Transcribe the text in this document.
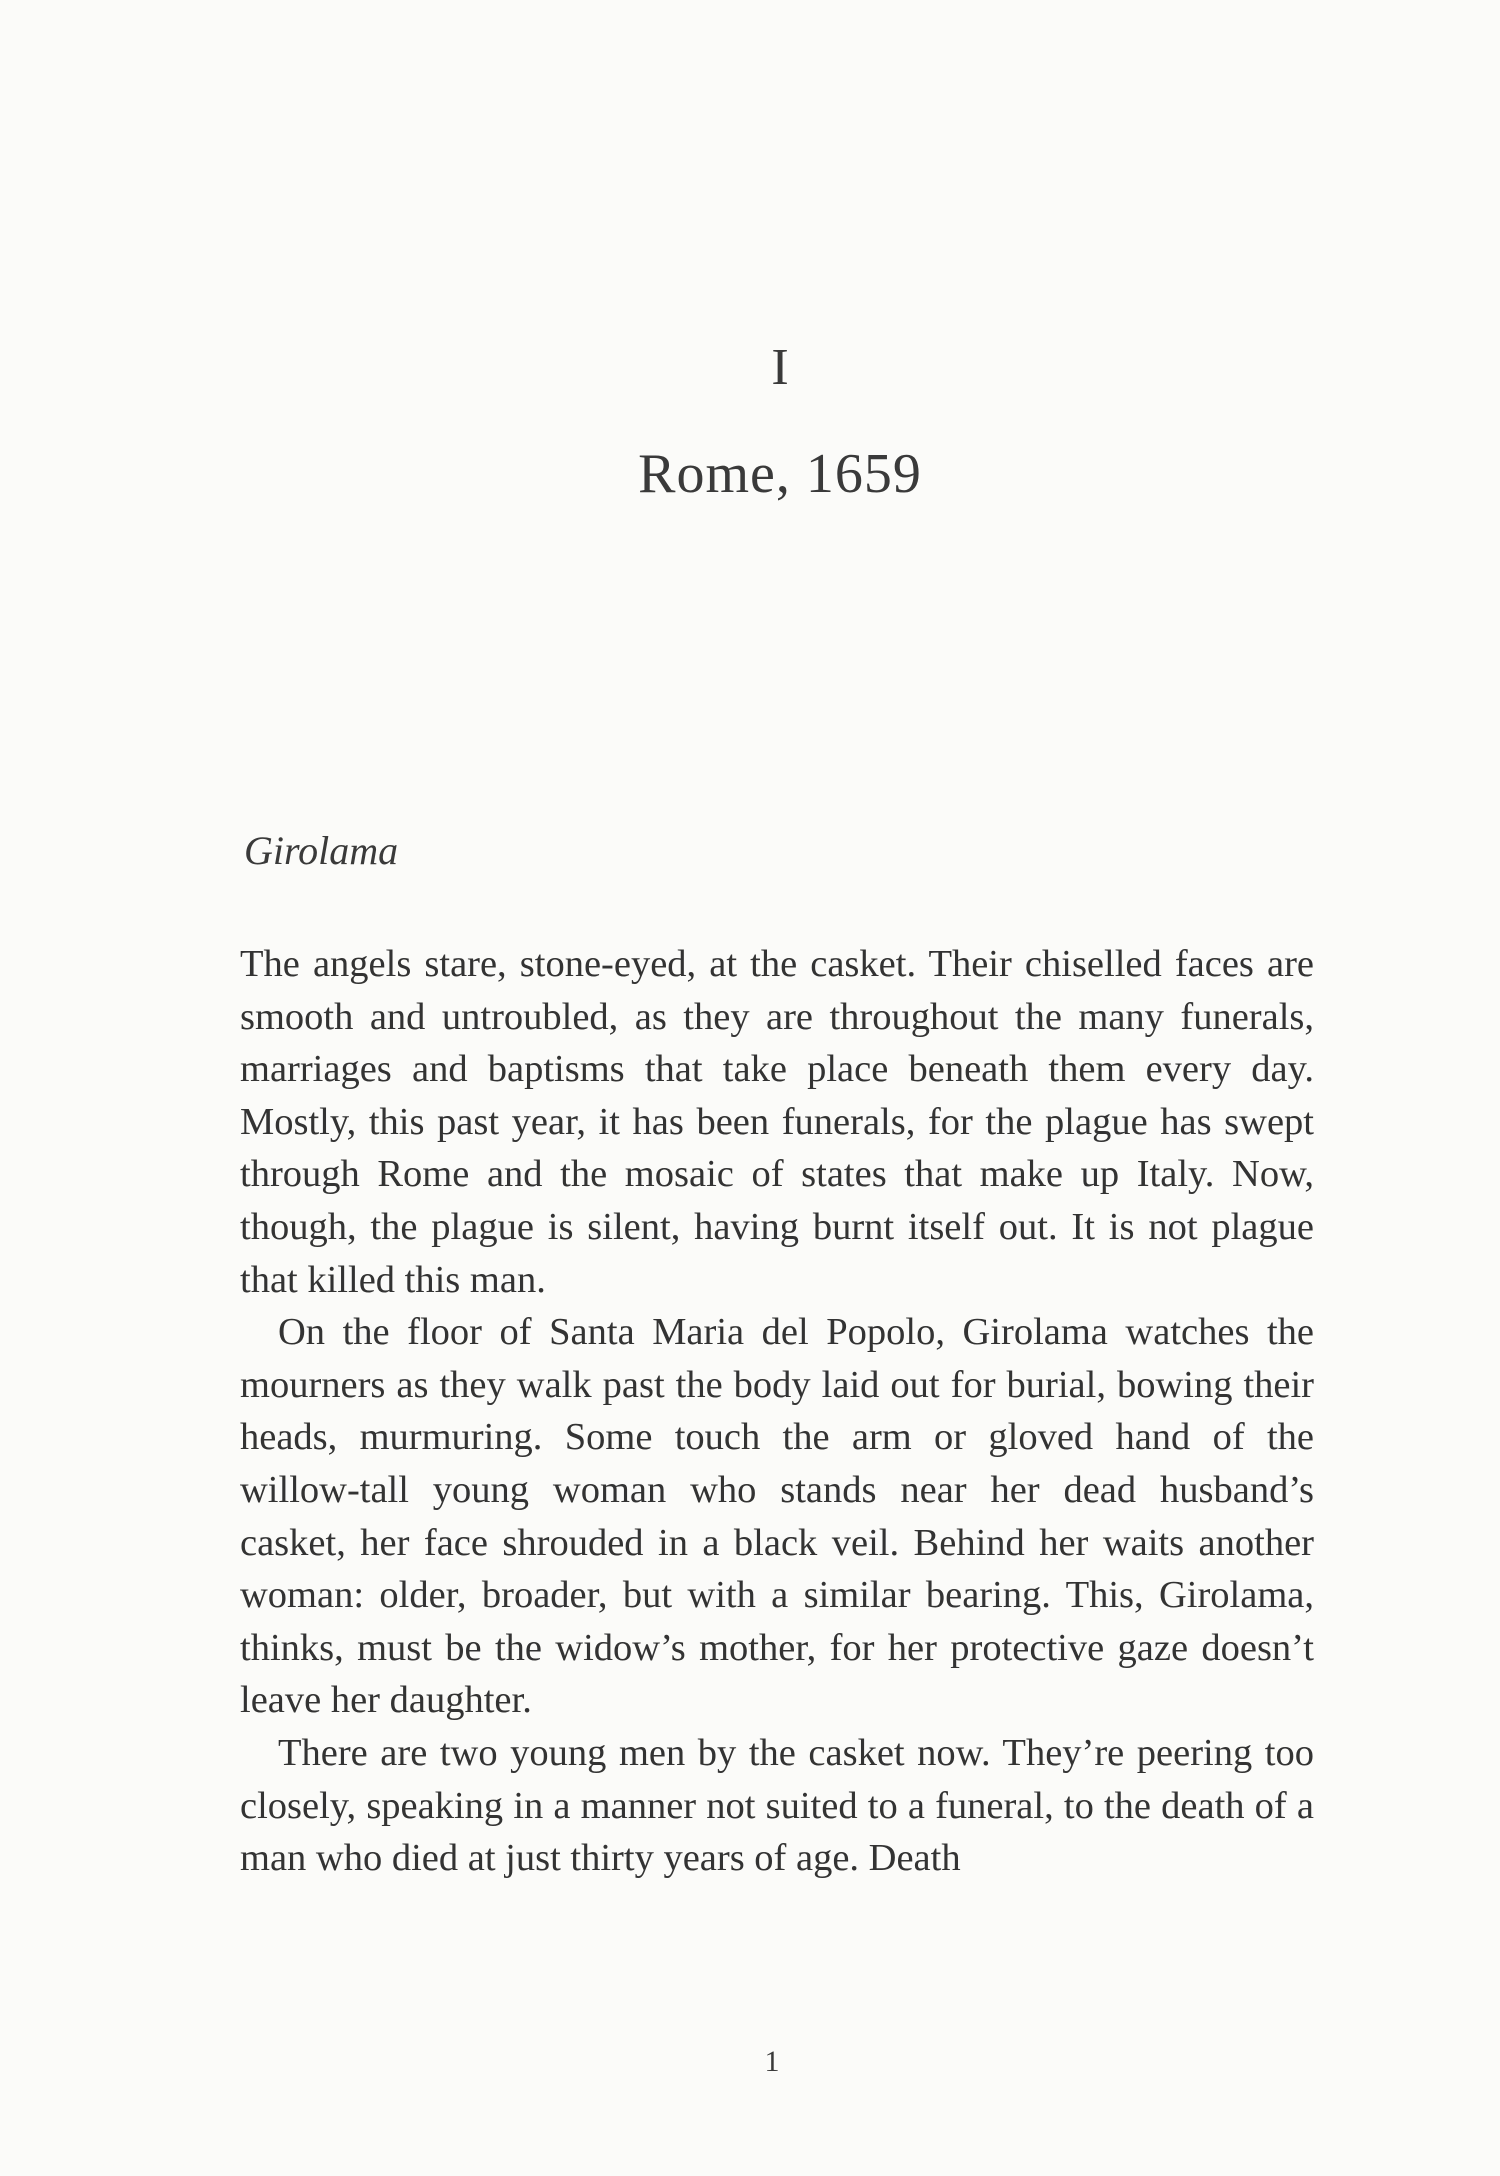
I
Rome, 1659
Girolama

The angels stare, stone-eyed, at the casket. Their chiselled faces are smooth and untroubled, as they are throughout the many funerals, marriages and baptisms that take place beneath them every day. Mostly, this past year, it has been funerals, for the plague has swept through Rome and the mosaic of states that make up Italy. Now, though, the plague is silent, having burnt itself out. It is not plague that killed this man.

On the floor of Santa Maria del Popolo, Girolama watches the mourners as they walk past the body laid out for burial, bowing their heads, murmuring. Some touch the arm or gloved hand of the willow-tall young woman who stands near her dead husband’s casket, her face shrouded in a black veil. Behind her waits another woman: older, broader, but with a similar bearing. This, Girolama, thinks, must be the widow’s mother, for her protective gaze doesn’t leave her daughter.

There are two young men by the casket now. They’re peering too closely, speaking in a manner not suited to a funeral, to the death of a man who died at just thirty years of age. Death

1
